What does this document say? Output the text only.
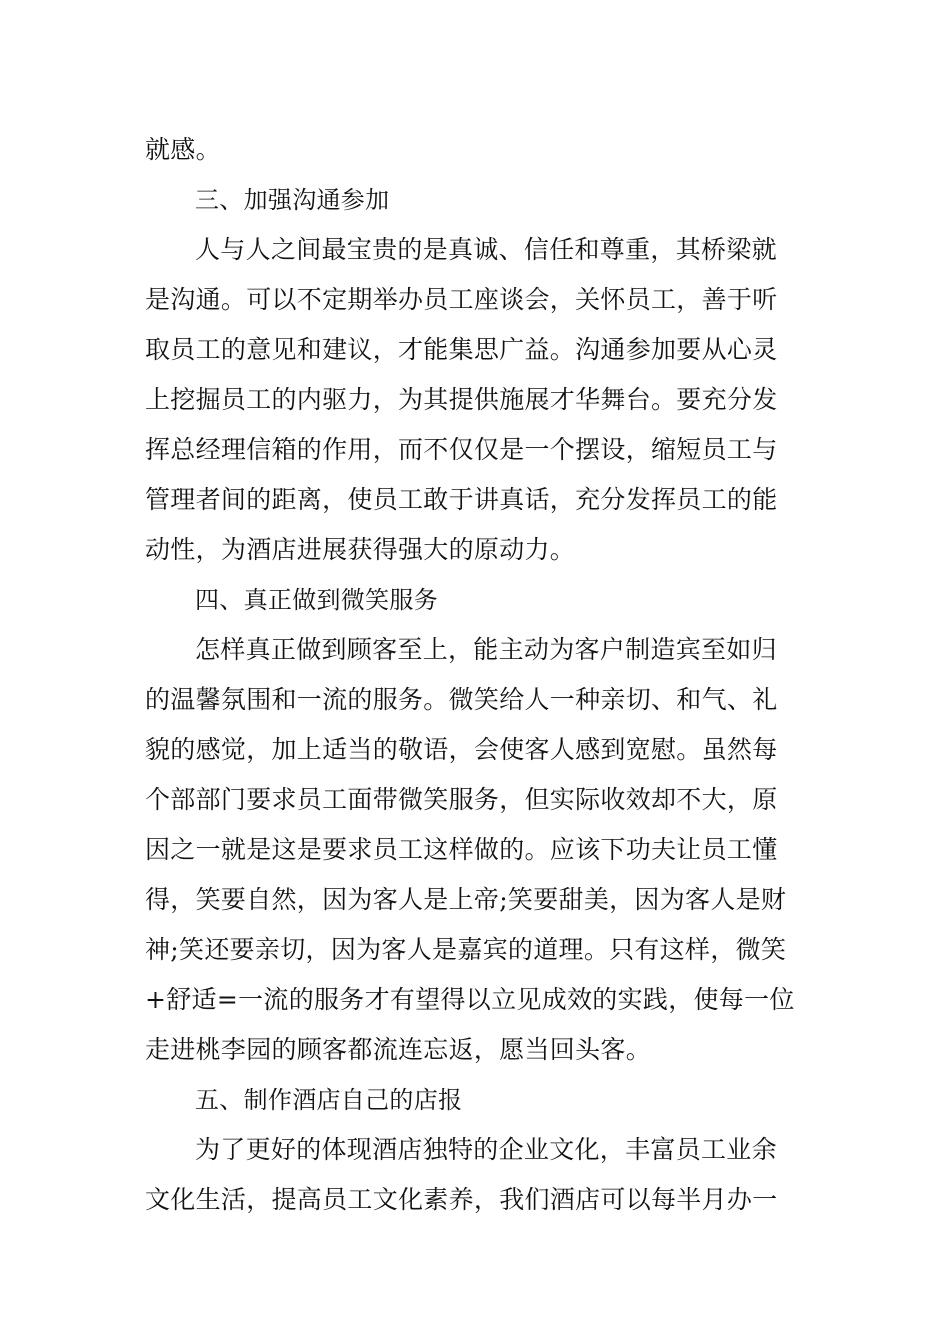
就感。
三、加强沟通参加
人与人之间最宝贵的是真诚、信任和尊重，其桥梁就
是沟通。可以不定期举办员工座谈会，关怀员工，善于听
取员工的意见和建议，才能集思广益。沟通参加要从心灵
上挖掘员工的内驱力，为其提供施展才华舞台。要充分发
挥总经理信箱的作用，而不仅仅是一个摆设，缩短员工与
管理者间的距离，使员工敢于讲真话，充分发挥员工的能
动性，为酒店进展获得强大的原动力。
四、真正做到微笑服务
怎样真正做到顾客至上，能主动为客户制造宾至如归
的温馨氛围和一流的服务。微笑给人一种亲切、和气、礼
貌的感觉，加上适当的敬语，会使客人感到宽慰。虽然每
个部部门要求员工面带微笑服务，但实际收效却不大，原
因之一就是这是要求员工这样做的。应该下功夫让员工懂
得，笑要自然，因为客人是上帝;笑要甜美，因为客人是财
神;笑还要亲切，因为客人是嘉宾的道理。只有这样，微笑
+舒适=一流的服务才有望得以立见成效的实践，使每一位
走进桃李园的顾客都流连忘返，愿当回头客。
五、制作酒店自己的店报
为了更好的体现酒店独特的企业文化，丰富员工业余
文化生活，提高员工文化素养，我们酒店可以每半月办一
